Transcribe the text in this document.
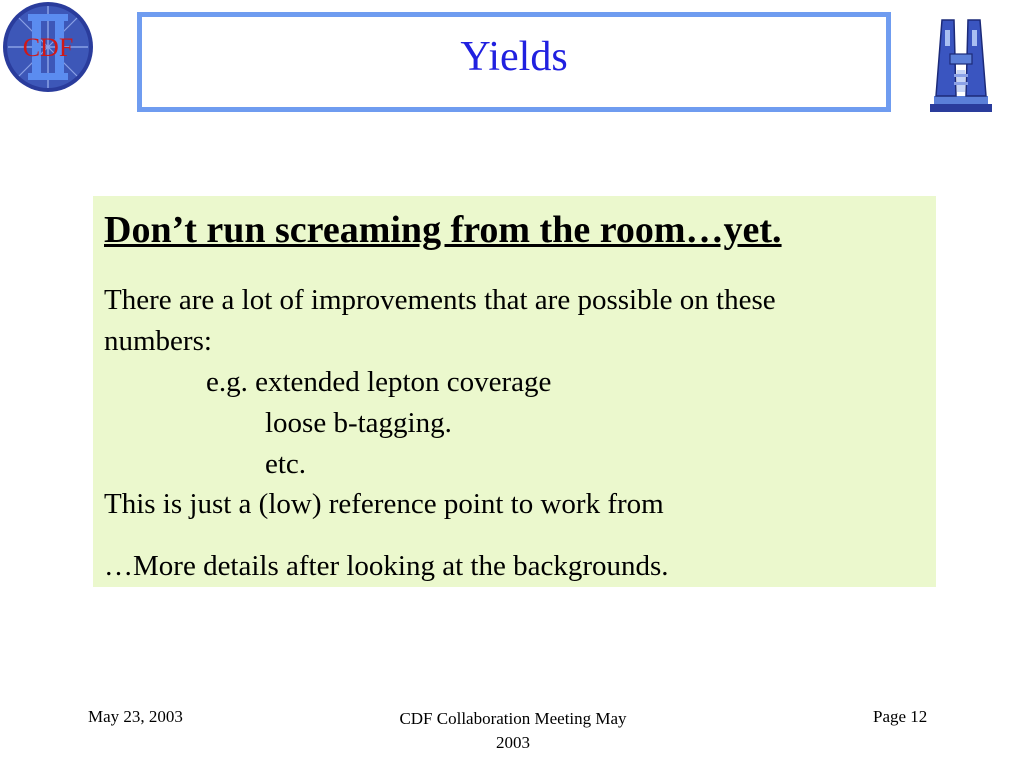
CDF	Yields
Don’t run screaming from the room…yet.
There are a lot of improvements that are possible on these
numbers:
e.g. extended lepton coverage
loose b-tagging.
etc.
This is just a (low) reference point to work from
…More details after looking at the backgrounds.
May 23, 2003	CDF Collaboration Meeting May
2003
Page 12
